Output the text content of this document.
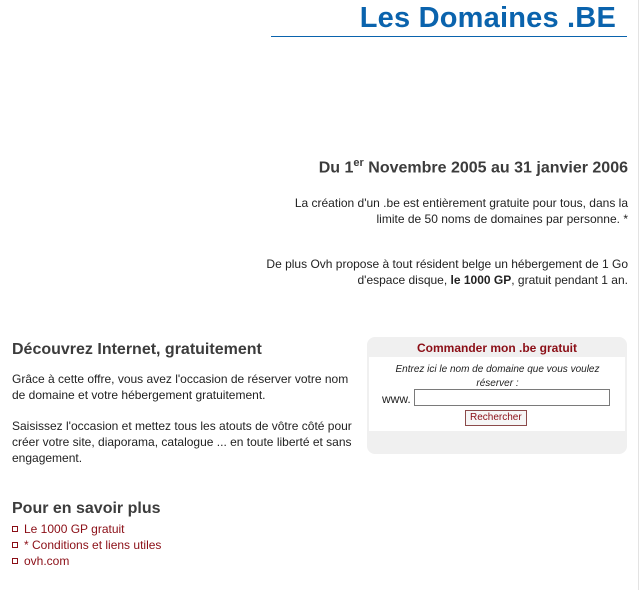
Les Domaines .BE

Du 1er Novembre 2005 au 31 janvier 2006

La création d'un .be est entièrement gratuite pour tous, dans la limite de 50 noms de domaines par personne. *

De plus Ovh propose à tout résident belge un hébergement de 1 Go d'espace disque, le 1000 GP, gratuit pendant 1 an.

Découvrez Internet, gratuitement

Grâce à cette offre, vous avez l'occasion de réserver votre nom de domaine et votre hébergement gratuitement.

Saisissez l'occasion et mettez tous les atouts de vôtre côté pour créer votre site, diaporama, catalogue ... en toute liberté et sans engagement.

Commander mon .be gratuit

Entrez ici le nom de domaine que vous voulez réserver :

www.
Rechercher
Pour en savoir plus
Le 1000 GP gratuit
* Conditions et liens utiles
ovh.com
